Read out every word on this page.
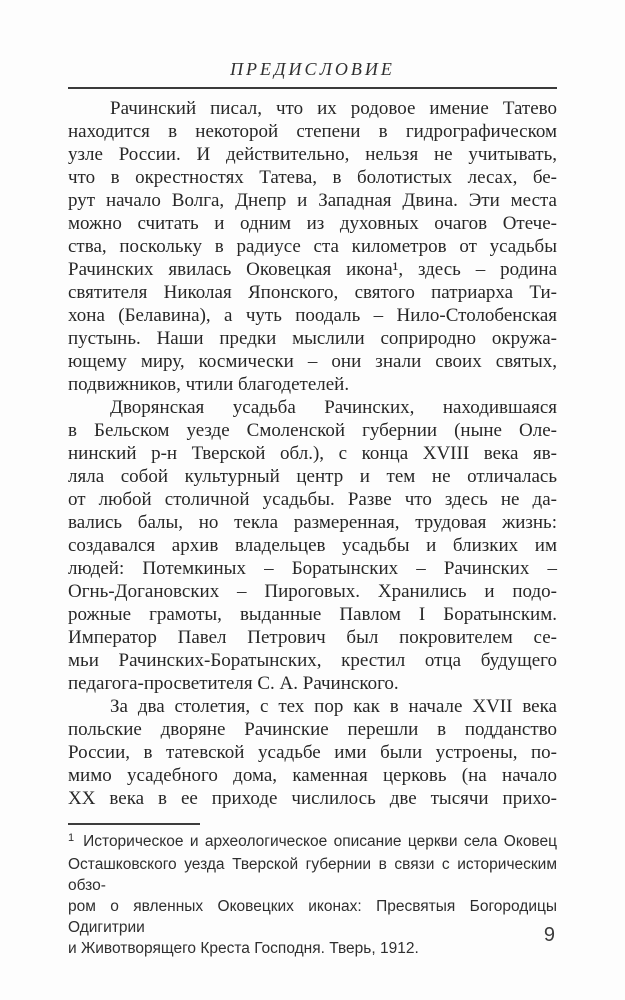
ПРЕДИСЛОВИЕ
Рачинский писал, что их родовое имение Татево
находится в некоторой степени в гидрографическом
узле России. И действительно, нельзя не учитывать,
что в окрестностях Татева, в болотистых лесах, бе-
рут начало Волга, Днепр и Западная Двина. Эти места
можно считать и одним из духовных очагов Отече-
ства, поскольку в радиусе ста километров от усадьбы
Рачинских явилась Оковецкая икона¹, здесь – родина
святителя Николая Японского, святого патриарха Ти-
хона (Белавина), а чуть поодаль – Нило-Столобенская
пустынь. Наши предки мыслили соприродно окружа-
ющему миру, космически – они знали своих святых,
подвижников, чтили благодетелей.
Дворянская усадьба Рачинских, находившаяся
в Бельском уезде Смоленской губернии (ныне Оле-
нинский р-н Тверской обл.), с конца XVIII века яв-
ляла собой культурный центр и тем не отличалась
от любой столичной усадьбы. Разве что здесь не да-
вались балы, но текла размеренная, трудовая жизнь:
создавался архив владельцев усадьбы и близких им
людей: Потемкиных – Боратынских – Рачинских –
Огнь-Догановских – Пироговых. Хранились и подо-
рожные грамоты, выданные Павлом I Боратынским.
Император Павел Петрович был покровителем се-
мьи Рачинских-Боратынских, крестил отца будущего
педагога-просветителя С. А. Рачинского.
За два столетия, с тех пор как в начале XVII века
польские дворяне Рачинские перешли в подданство
России, в татевской усадьбе ими были устроены, по-
мимо усадебного дома, каменная церковь (на начало
ХХ века в ее приходе числилось две тысячи прихо-
1 Историческое и археологическое описание церкви села Оковец
Осташковского уезда Тверской губернии в связи с историческим обзо-
ром о явленных Оковецких иконах: Пресвятыя Богородицы Одигитрии
и Животворящего Креста Господня. Тверь, 1912.
9
